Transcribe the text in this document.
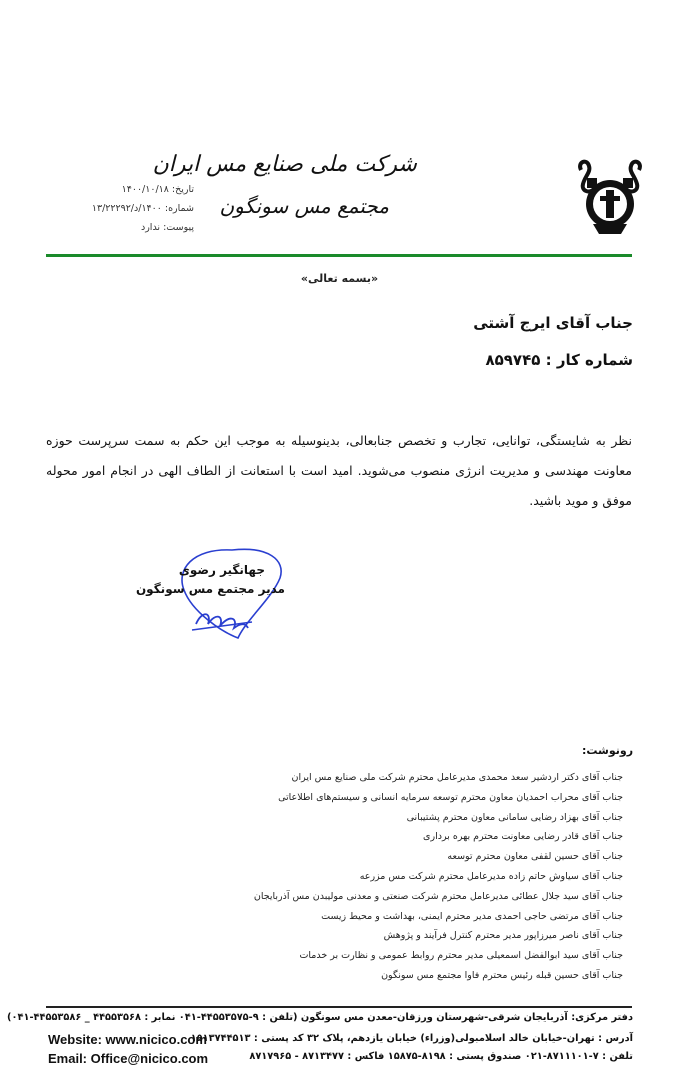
شرکت ملی صنایع مس ایران
مجتمع مس سونگون
تاریخ: ۱۴۰۰/۱۰/۱۸
شماره: ۱۴۰۰/د/۱۳/۲۲۲۹۲
پیوست: ندارد
«بسمه تعالی»
جناب آقای ایرج آشتی
شماره کار : ۸۵۹۷۴۵
نظر به شایستگی، توانایی، تجارب و تخصص جنابعالی، بدینوسیله به موجب این حکم به سمت سرپرست حوزه معاونت مهندسی و مدیریت انرژی منصوب می‌شوید. امید است با استعانت از الطاف الهی در انجام امور محوله موفق و موید باشید.
جهانگیر رضوی
مدیر مجتمع مس سونگون
رونوشت:
جناب آقای دکتر اردشیر سعد محمدی مدیرعامل محترم شرکت ملی صنایع مس ایران
جناب آقای محراب احمدیان معاون محترم توسعه سرمایه انسانی و سیستم‌های اطلاعاتی
جناب آقای بهزاد رضایی سامانی معاون محترم پشتیبانی
جناب آقای قادر رضایی معاونت محترم بهره برداری
جناب آقای حسین لقفی معاون محترم توسعه
جناب آقای سیاوش حاتم زاده مدیرعامل محترم شرکت مس مزرعه
جناب آقای سید جلال عطائی مدیرعامل محترم شرکت صنعتی و معدنی مولیبدن مس آذربایجان
جناب آقای مرتضی حاجی احمدی مدیر محترم ایمنی، بهداشت و محیط زیست
جناب آقای ناصر میرزاپور مدیر محترم کنترل فرآیند و پژوهش
جناب آقای سید ابوالفضل اسمعیلی مدیر محترم روابط عمومی و نظارت بر خدمات
جناب آقای حسین قبله رئیس محترم فاوا مجتمع مس سونگون
دفتر مرکزی: آذربایجان شرقی-شهرستان ورزقان-معدن مس سونگون (تلفن : ۹-۴۴۵۵۳۵۷۵-۰۴۱ نمابر : ۴۴۵۵۳۵۶۸ _ ۴۴۵۵۳۵۸۶-۰۴۱)
آدرس : تهران-خیابان خالد اسلامبولی(وزراء) خیابان یازدهم، پلاک ۳۲ کد پستی : ۱۵۱۳۷۴۴۵۱۳
تلفن : ۷-۸۷۱۱۱۰۱-۰۲۱ صندوق پستی : ۸۱۹۸-۱۵۸۷۵ فاکس : ۸۷۱۳۴۷۷ - ۸۷۱۷۹۶۵
Website: www.nicico.com
Email: Office@nicico.com
